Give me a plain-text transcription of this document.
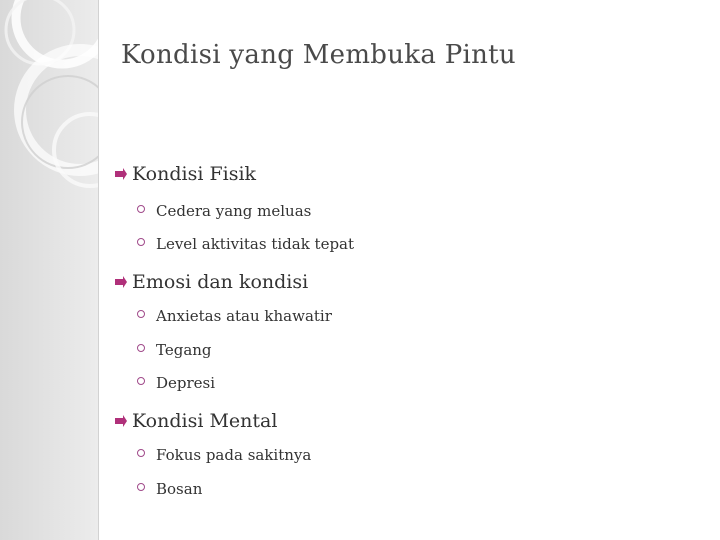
Kondisi yang Membuka Pintu
Kondisi Fisik
Cedera yang meluas
Level aktivitas tidak tepat
Emosi dan kondisi
Anxietas atau khawatir
Tegang
Depresi
Kondisi Mental
Fokus pada sakitnya
Bosan
